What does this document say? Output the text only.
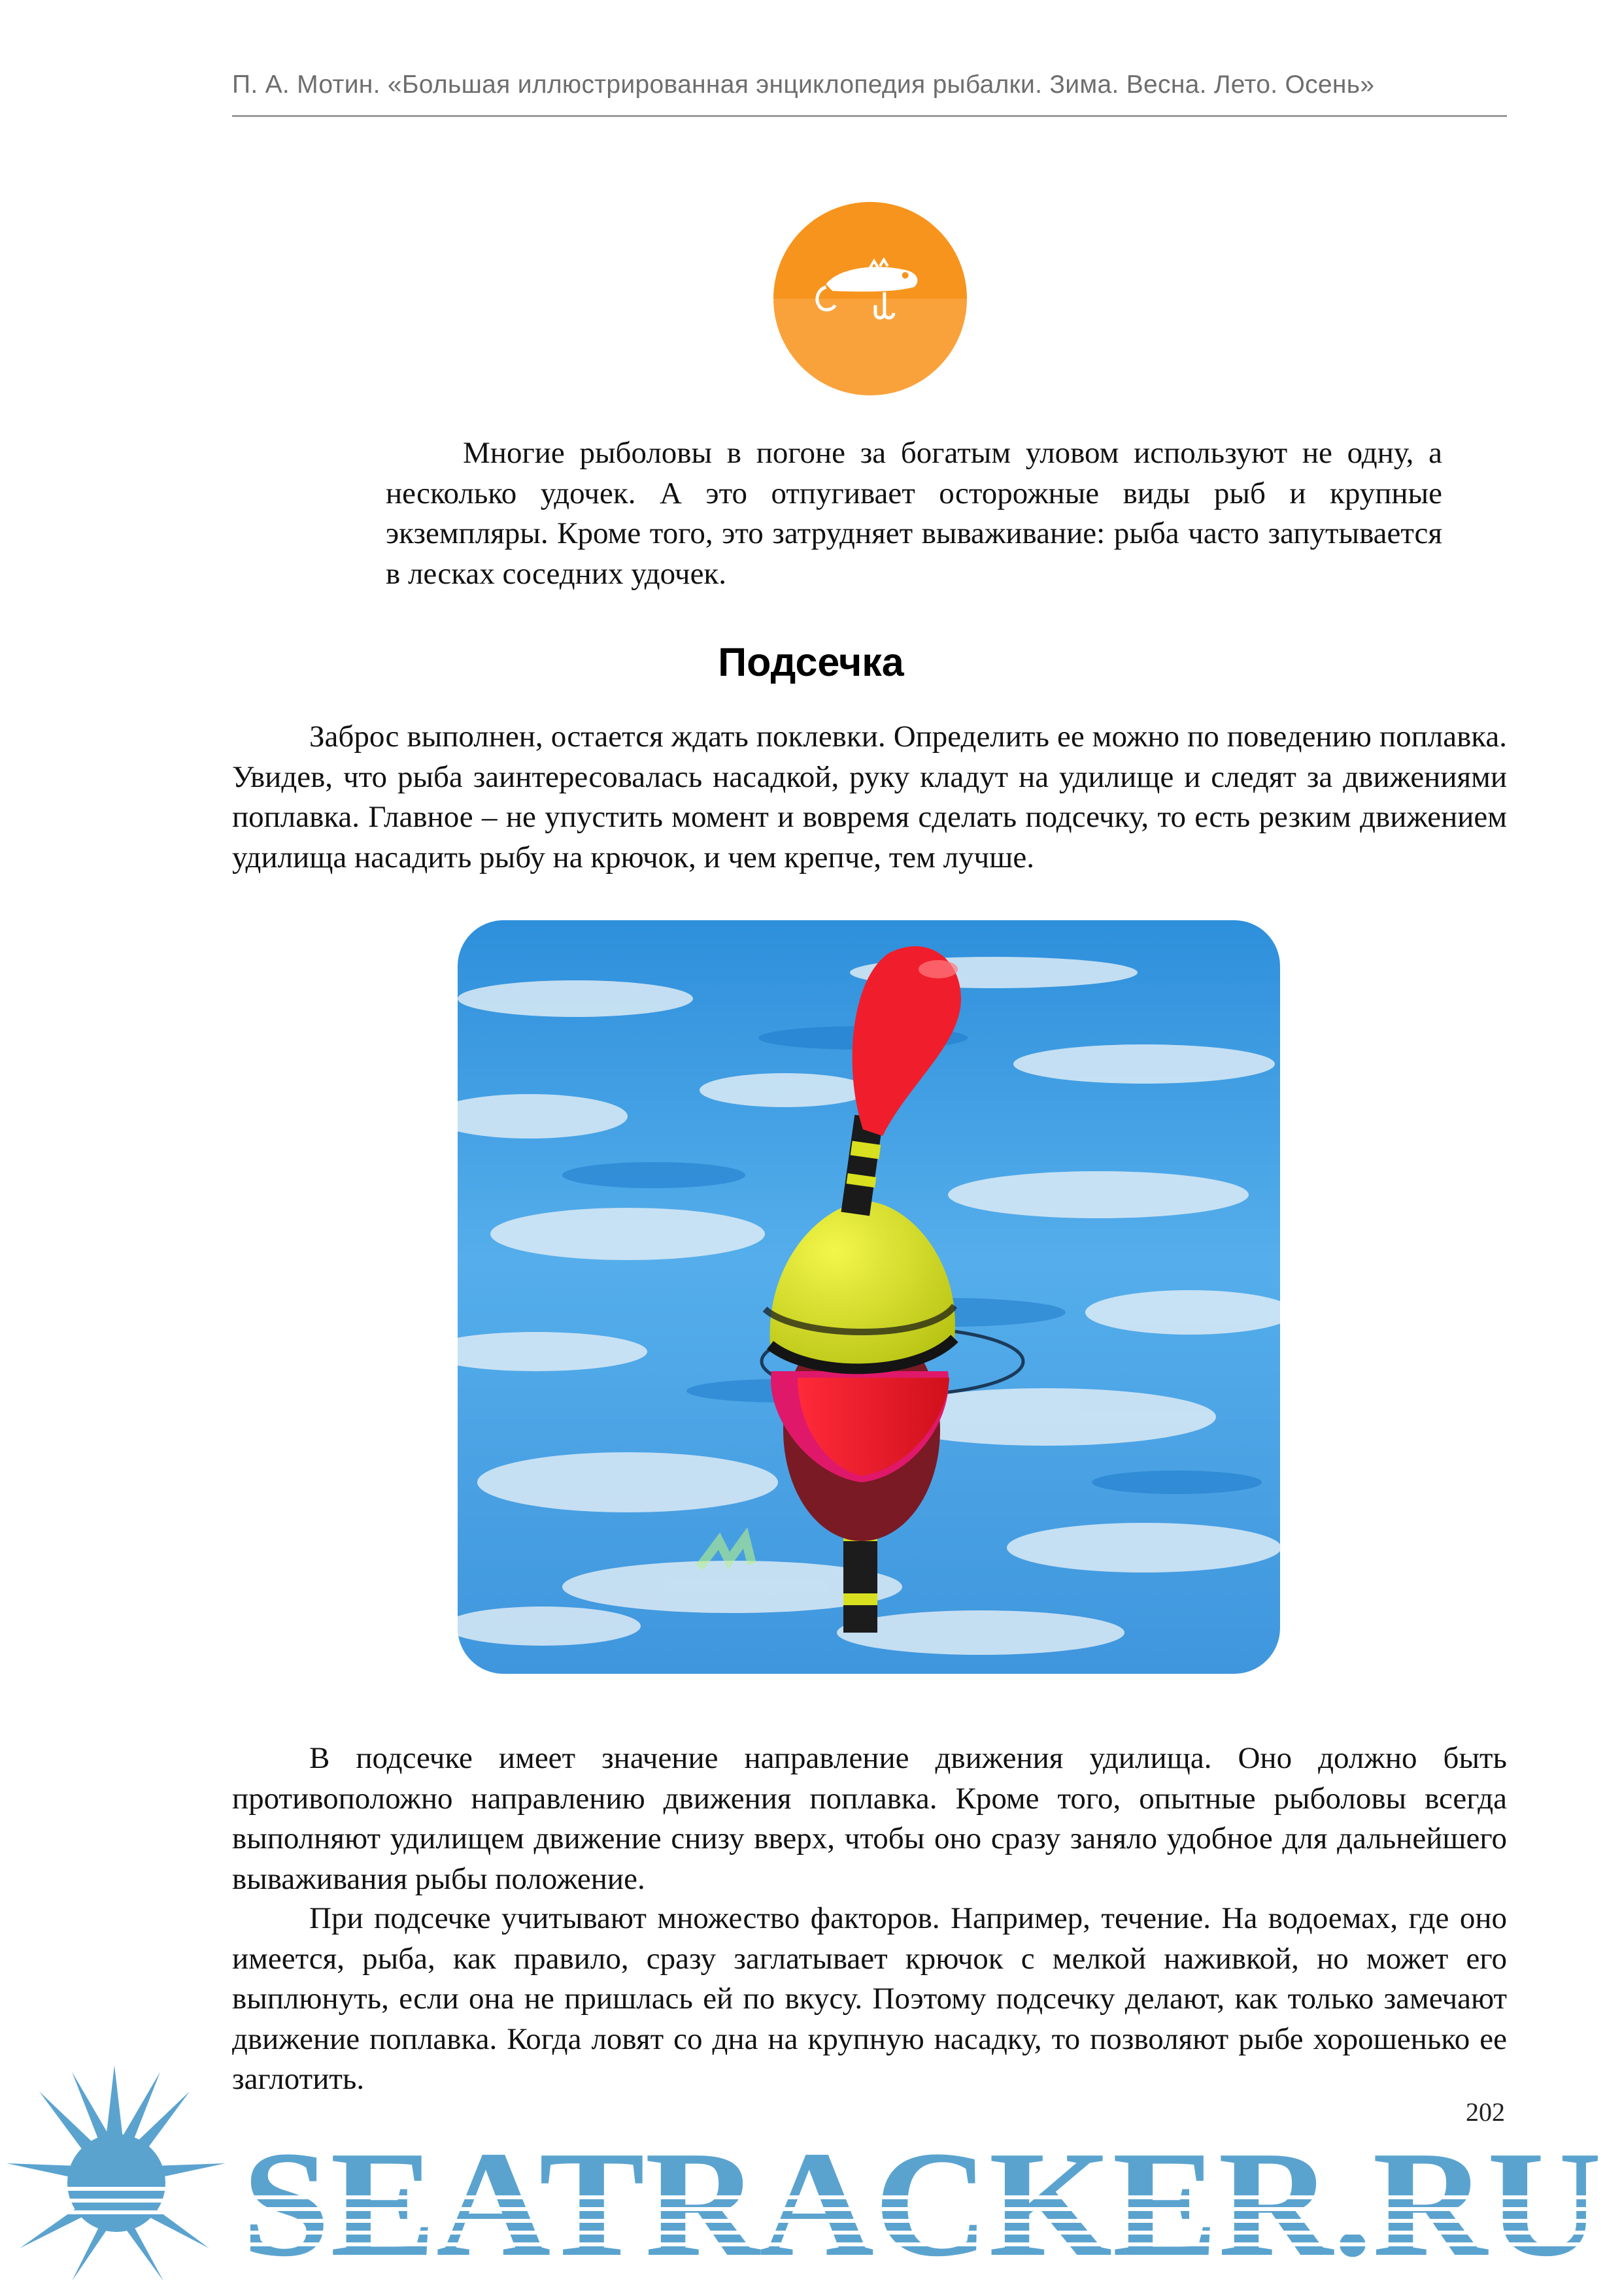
П. А. Мотин. «Большая иллюстрированная энциклопедия рыбалки. Зима. Весна. Лето. Осень»

Многие рыболовы в погоне за богатым уловом используют не одну, а несколько удочек. А это отпугивает осторожные виды рыб и крупные экземпляры. Кроме того, это затрудняет вываживание: рыба часто запутывается в лесках соседних удочек.

Подсечка

Заброс выполнен, остается ждать поклевки. Определить ее можно по поведению поплавка. Увидев, что рыба заинтересовалась насадкой, руку кладут на удилище и следят за движениями поплавка. Главное – не упустить момент и вовремя сделать подсечку, то есть резким движением удилища насадить рыбу на крючок, и чем крепче, тем лучше.

В подсечке имеет значение направление движения удилища. Оно должно быть противоположно направлению движения поплавка. Кроме того, опытные рыболовы всегда выполняют удилищем движение снизу вверх, чтобы оно сразу заняло удобное для дальнейшего вываживания рыбы положение.

При подсечке учитывают множество факторов. Например, течение. На водоемах, где оно имеется, рыба, как правило, сразу заглатывает крючок с мелкой наживкой, но может его выплюнуть, если она не пришлась ей по вкусу. Поэтому подсечку делают, как только замечают движение поплавка. Когда ловят со дна на крупную насадку, то позволяют рыбе хорошенько ее заглотить.

SEATRACKER.RU
202
